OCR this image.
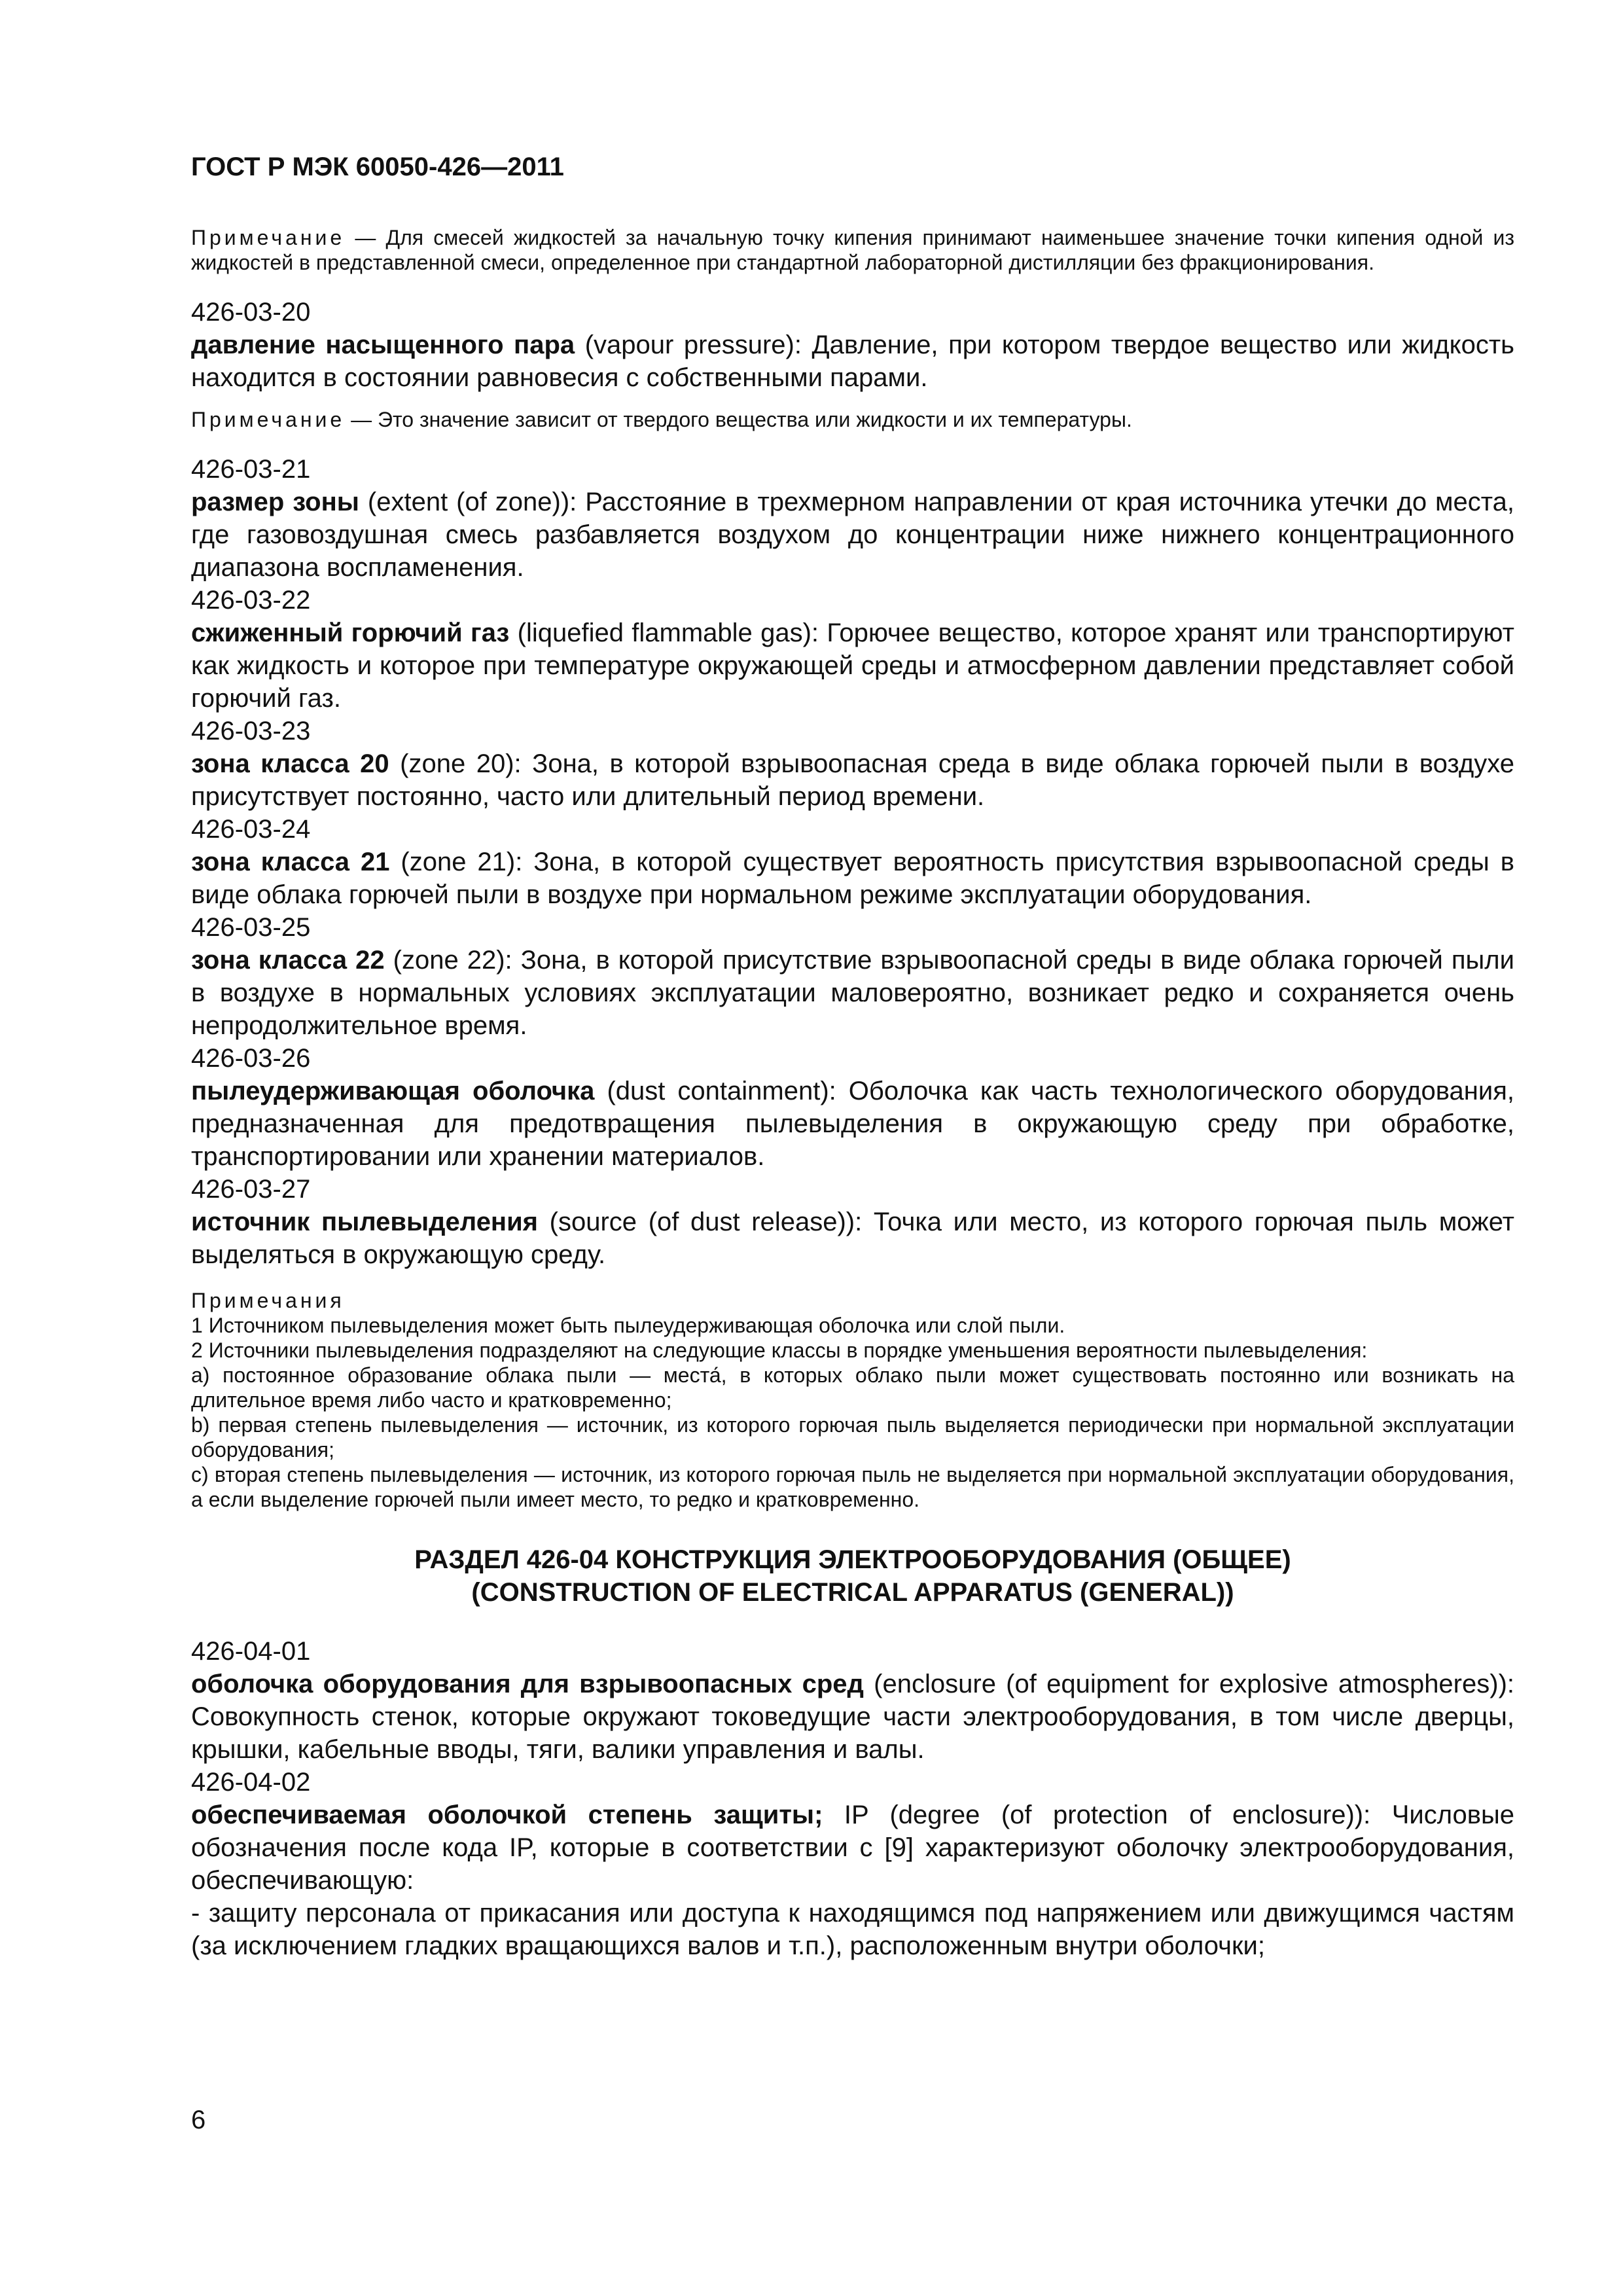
ГОСТ Р МЭК 60050-426—2011

Примечание — Для смесей жидкостей за начальную точку кипения принимают наименьшее значение точки кипения одной из жидкостей в представленной смеси, определенное при стандартной лабораторной дистилляции без фракционирования.

426-03-20

давление насыщенного пара (vapour pressure): Давление, при котором твердое вещество или жидкость находится в состоянии равновесия с собственными парами.

Примечание — Это значение зависит от твердого вещества или жидкости и их температуры.

426-03-21

размер зоны (extent (of zone)): Расстояние в трехмерном направлении от края источника утечки до места, где газовоздушная смесь разбавляется воздухом до концентрации ниже нижнего концентрационного диапазона воспламенения.

426-03-22

сжиженный горючий газ (liquefied flammable gas): Горючее вещество, которое хранят или транспортируют как жидкость и которое при температуре окружающей среды и атмосферном давлении представляет собой горючий газ.

426-03-23

зона класса 20 (zone 20): Зона, в которой взрывоопасная среда в виде облака горючей пыли в воздухе присутствует постоянно, часто или длительный период времени.

426-03-24

зона класса 21 (zone 21): Зона, в которой существует вероятность присутствия взрывоопасной среды в виде облака горючей пыли в воздухе при нормальном режиме эксплуатации оборудования.

426-03-25

зона класса 22 (zone 22): Зона, в которой присутствие взрывоопасной среды в виде облака горючей пыли в воздухе в нормальных условиях эксплуатации маловероятно, возникает редко и сохраняется очень непродолжительное время.

426-03-26

пылеудерживающая оболочка (dust containment): Оболочка как часть технологического оборудования, предназначенная для предотвращения пылевыделения в окружающую среду при обработке, транспортировании или хранении материалов.

426-03-27

источник пылевыделения (source (of dust release)): Точка или место, из которого горючая пыль может выделяться в окружающую среду.

Примечания

1 Источником пылевыделения может быть пылеудерживающая оболочка или слой пыли.

2 Источники пылевыделения подразделяют на следующие классы в порядке уменьшения вероятности пылевыделения:

а) постоянное образование облака пыли — места́, в которых облако пыли может существовать постоянно или возникать на длительное время либо часто и кратковременно;

b) первая степень пылевыделения — источник, из которого горючая пыль выделяется периодически при нормальной эксплуатации оборудования;

с) вторая степень пылевыделения — источник, из которого горючая пыль не выделяется при нормальной эксплуатации оборудования, а если выделение горючей пыли имеет место, то редко и кратковременно.

РАЗДЕЛ 426-04 КОНСТРУКЦИЯ ЭЛЕКТРООБОРУДОВАНИЯ (ОБЩЕЕ)
(CONSTRUCTION OF ELECTRICAL APPARATUS (GENERAL))

426-04-01

оболочка оборудования для взрывоопасных сред (enclosure (of equipment for explosive atmospheres)): Совокупность стенок, которые окружают токоведущие части электрооборудования, в том числе дверцы, крышки, кабельные вводы, тяги, валики управления и валы.

426-04-02

обеспечиваемая оболочкой степень защиты; IP (degree (of protection of enclosure)): Числовые обозначения после кода IP, которые в соответствии с [9] характеризуют оболочку электрооборудования, обеспечивающую:

- защиту персонала от прикасания или доступа к находящимся под напряжением или движущимся частям (за исключением гладких вращающихся валов и т.п.), расположенным внутри оболочки;

6
